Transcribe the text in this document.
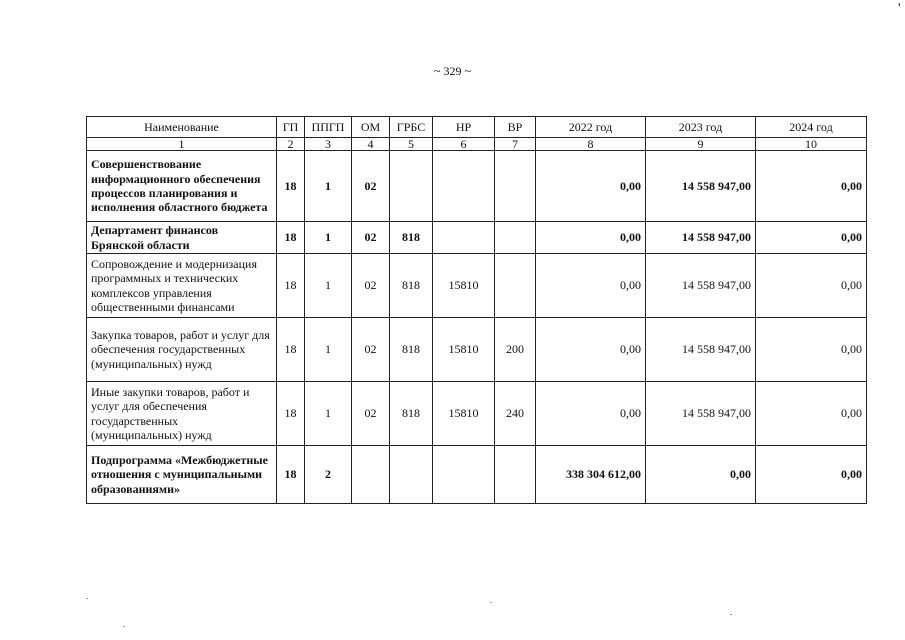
~ 329 ~
'
Наименование	ГП	ППГП	ОМ	ГРБС	НР	ВР	2022 год	2023 год	2024 год
1	2	3	4	5	6	7	8	9	10
Совершенствование информационного обеспечения процессов планирования и исполнения областного бюджета	18	1	02				0,00	14 558 947,00	0,00
Департамент финансов Брянской области	18	1	02	818			0,00	14 558 947,00	0,00
Сопровождение и модернизация программных и технических комплексов управления общественными финансами	18	1	02	818	15810		0,00	14 558 947,00	0,00
Закупка товаров, работ и услуг для обеспечения государственных (муниципальных) нужд	18	1	02	818	15810	200	0,00	14 558 947,00	0,00
Иные закупки товаров, работ и услуг для обеспечения государственных (муниципальных) нужд	18	1	02	818	15810	240	0,00	14 558 947,00	0,00
Подпрограмма «Межбюджетные отношения с муниципальными образованиями»	18	2					338 304 612,00	0,00	0,00
